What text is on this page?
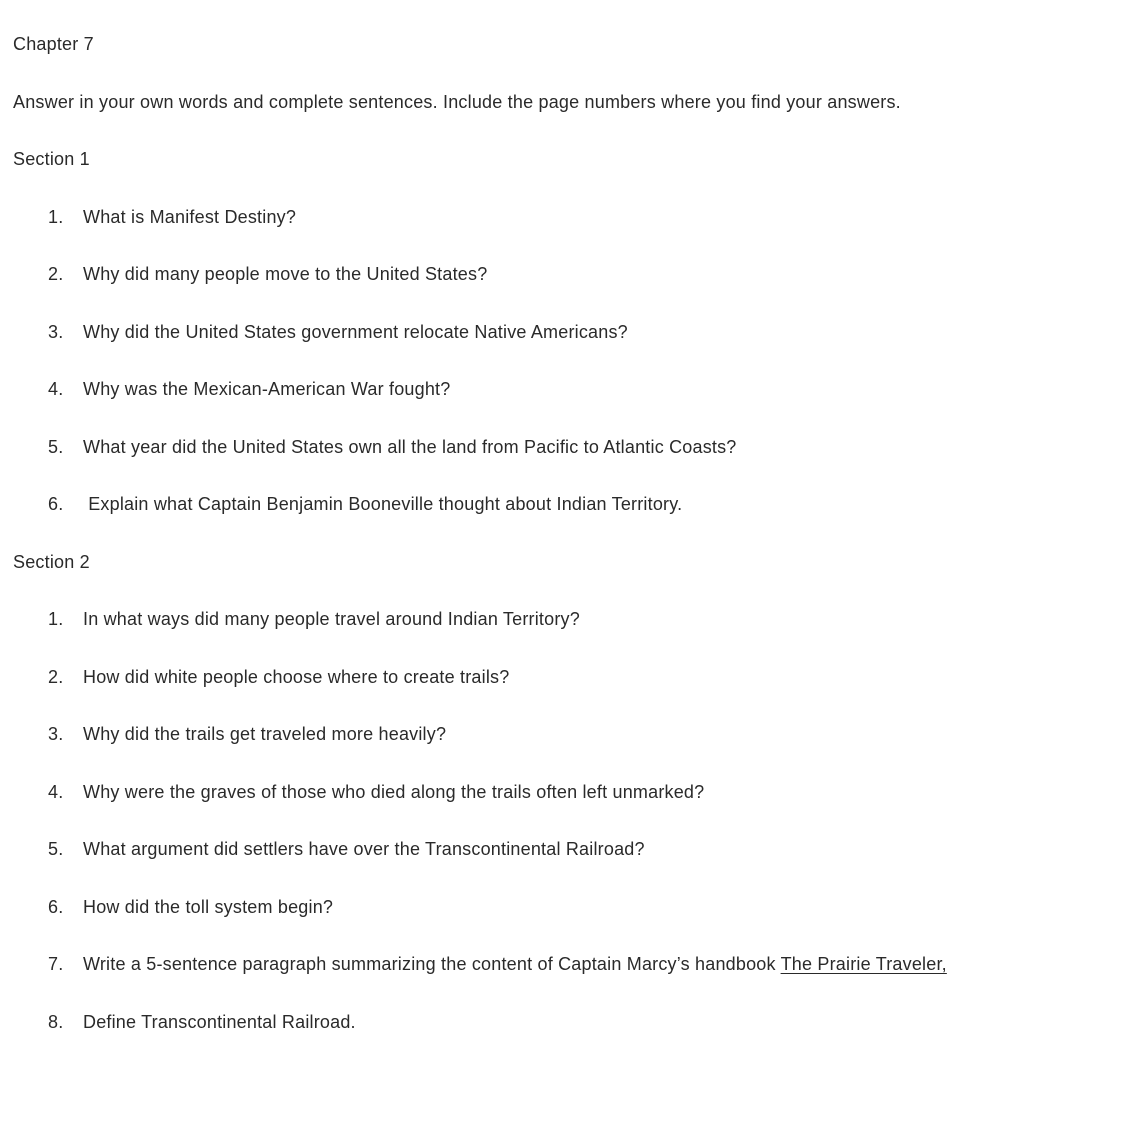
Chapter 7

Answer in your own words and complete sentences. Include the page numbers where you find your answers.

Section 1

1.	What is Manifest Destiny?
2.	Why did many people move to the United States?
3.	Why did the United States government relocate Native Americans?
4.	Why was the Mexican-American War fought?
5.	What year did the United States own all the land from Pacific to Atlantic Coasts?
6.	Explain what Captain Benjamin Booneville thought about Indian Territory.

Section 2

1.	In what ways did many people travel around Indian Territory?
2.	How did white people choose where to create trails?
3.	Why did the trails get traveled more heavily?
4.	Why were the graves of those who died along the trails often left unmarked?
5.	What argument did settlers have over the Transcontinental Railroad?
6.	How did the toll system begin?
7.	Write a 5-sentence paragraph summarizing the content of Captain Marcy’s handbook The Prairie Traveler,
8.	Define Transcontinental Railroad.
